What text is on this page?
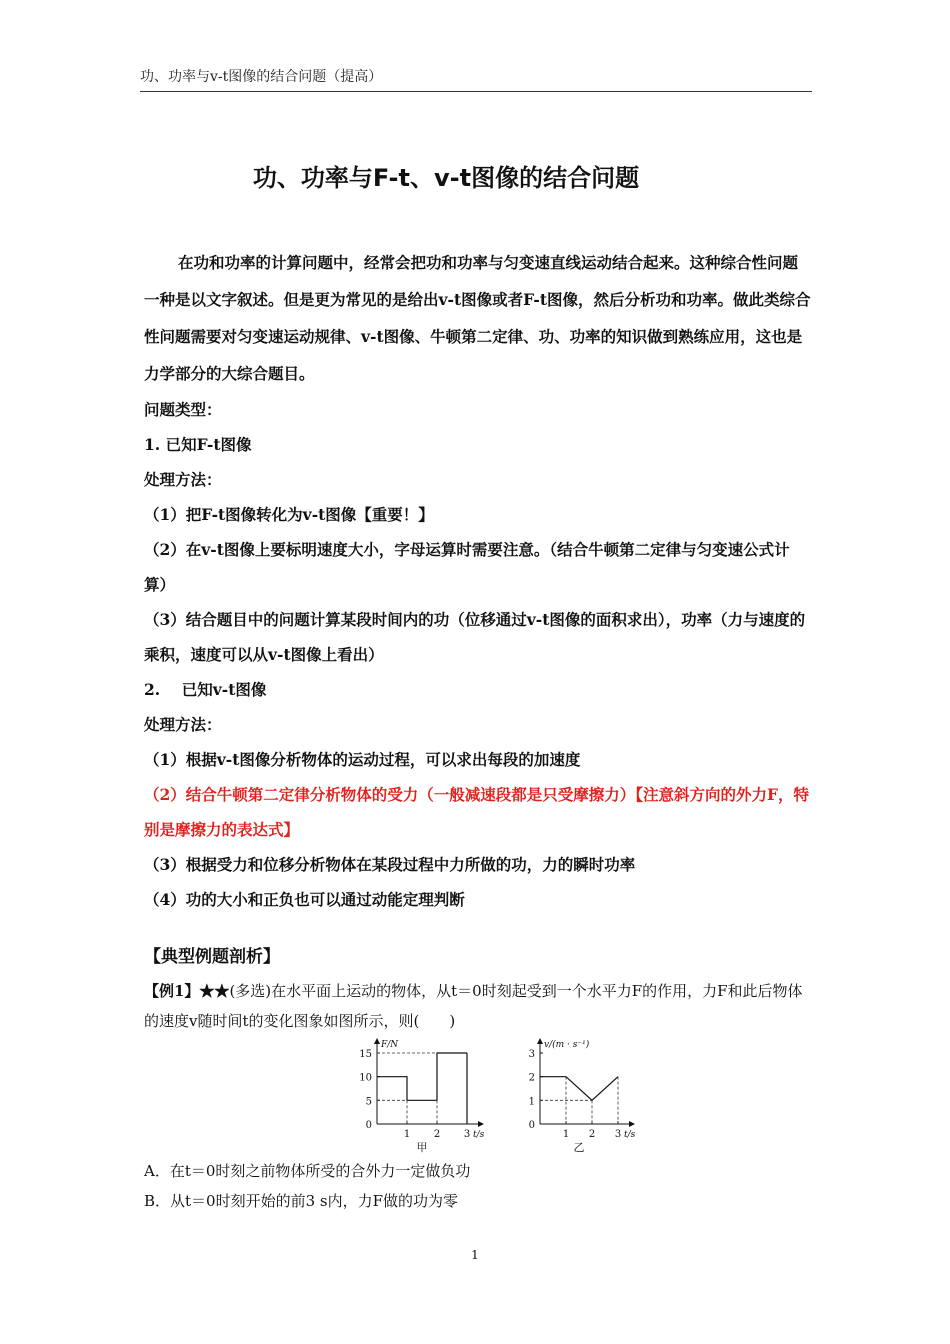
功、功率与v-t图像的结合问题（提高）
功、功率与F-t、v-t图像的结合问题

在功和功率的计算问题中，经常会把功和功率与匀变速直线运动结合起来。这种综合性问题一种是以文字叙述。但是更为常见的是给出v-t图像或者F-t图像，然后分析功和功率。做此类综合性问题需要对匀变速运动规律、v-t图像、牛顿第二定律、功、功率的知识做到熟练应用，这也是力学部分的大综合题目。

问题类型：

1. 已知F-t图像

处理方法：

（1）把F-t图像转化为v-t图像【重要！】

（2）在v-t图像上要标明速度大小，字母运算时需要注意。（结合牛顿第二定律与匀变速公式计算）

（3）结合题目中的问题计算某段时间内的功（位移通过v-t图像的面积求出），功率（力与速度的乘积，速度可以从v-t图像上看出）

2.    已知v-t图像

处理方法：

（1）根据v-t图像分析物体的运动过程，可以求出每段的加速度

（2）结合牛顿第二定律分析物体的受力（一般减速段都是只受摩擦力）【注意斜方向的外力F，特别是摩擦力的表达式】

（3）根据受力和位移分析物体在某段过程中力所做的功，力的瞬时功率

（4）功的大小和正负也可以通过动能定理判断

【典型例题剖析】

【例1】★★(多选)在水平面上运动的物体，从t＝0时刻起受到一个水平力F的作用，力F和此后物体的速度v随时间t的变化图象如图所示，则(　　)

F/N
t/s
0
5
10
15
1 2 3
甲
v/(m · s⁻¹)
t/s
0
1
2
3
1 2 3
乙

A．在t＝0时刻之前物体所受的合外力一定做负功

B．从t＝0时刻开始的前3 s内，力F做的功为零

1
